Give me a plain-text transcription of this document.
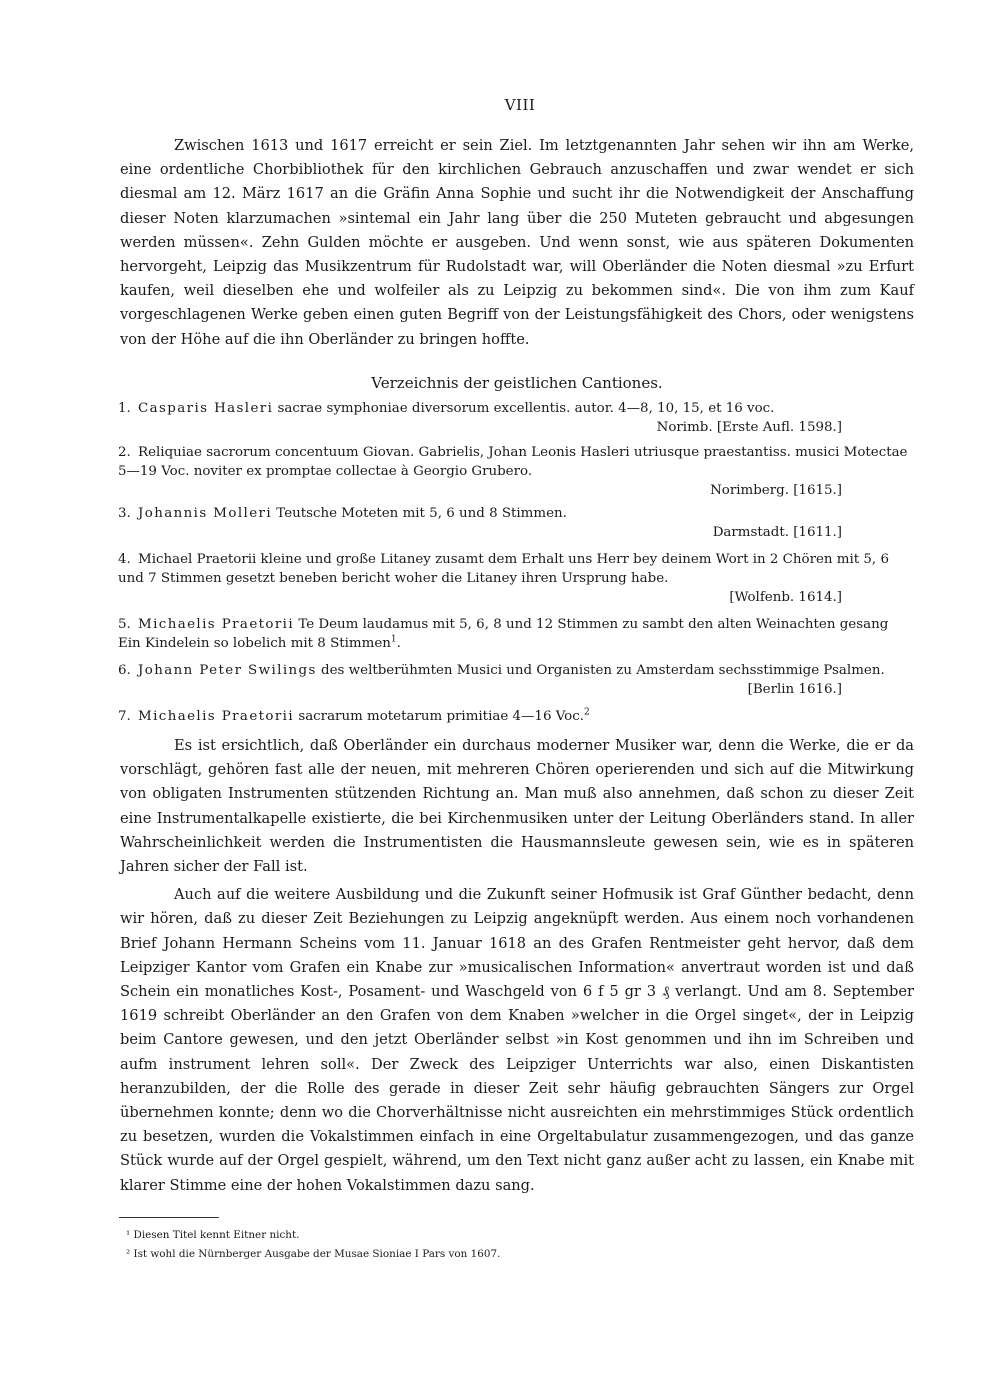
VIII

Zwischen 1613 und 1617 erreicht er sein Ziel. Im letztgenannten Jahr sehen wir ihn am Werke, eine ordentliche Chorbibliothek für den kirchlichen Gebrauch anzuschaffen und zwar wendet er sich diesmal am 12. März 1617 an die Gräfin Anna Sophie und sucht ihr die Notwendigkeit der Anschaffung dieser Noten klarzumachen »sintemal ein Jahr lang über die 250 Muteten gebraucht und abgesungen werden müssen«. Zehn Gulden möchte er ausgeben. Und wenn sonst, wie aus späteren Dokumenten hervorgeht, Leipzig das Musikzentrum für Rudolstadt war, will Oberländer die Noten diesmal »zu Erfurt kaufen, weil dieselben ehe und wolfeiler als zu Leipzig zu bekommen sind«. Die von ihm zum Kauf vorgeschlagenen Werke geben einen guten Begriff von der Leistungsfähigkeit des Chors, oder wenigstens von der Höhe auf die ihn Oberländer zu bringen hoffte.

Verzeichnis der geistlichen Cantiones.
1. Casparis Hasleri sacrae symphoniae diversorum excellentis. autor. 4—8, 10, 15, et 16 voc.
Norimb. [Erste Aufl. 1598.]
2. Reliquiae sacrorum concentuum Giovan. Gabrielis, Johan Leonis Hasleri utriusque praestantiss. musici Motectae 5—19 Voc. noviter ex promptae collectae à Georgio Grubero.
Norimberg. [1615.]
3. Johannis Molleri Teutsche Moteten mit 5, 6 und 8 Stimmen.
Darmstadt. [1611.]
4. Michael Praetorii kleine und große Litaney zusamt dem Erhalt uns Herr bey deinem Wort in 2 Chören mit 5, 6 und 7 Stimmen gesetzt beneben bericht woher die Litaney ihren Ursprung habe.
[Wolfenb. 1614.]
5. Michaelis Praetorii Te Deum laudamus mit 5, 6, 8 und 12 Stimmen zu sambt den alten Weinachten gesang Ein Kindelein so lobelich mit 8 Stimmen$^1$.
6. Johann Peter Swilings des weltberühmten Musici und Organisten zu Amsterdam sechsstimmige Psalmen.
[Berlin 1616.]
7. Michaelis Praetorii sacrarum motetarum primitiae 4—16 Voc.$^2$

Es ist ersichtlich, daß Oberländer ein durchaus moderner Musiker war, denn die Werke, die er da vorschlägt, gehören fast alle der neuen, mit mehreren Chören operierenden und sich auf die Mitwirkung von obligaten Instrumenten stützenden Richtung an. Man muß also annehmen, daß schon zu dieser Zeit eine Instrumentalkapelle existierte, die bei Kirchenmusiken unter der Leitung Oberländers stand. In aller Wahrscheinlichkeit werden die Instrumentisten die Hausmannsleute gewesen sein, wie es in späteren Jahren sicher der Fall ist.

Auch auf die weitere Ausbildung und die Zukunft seiner Hofmusik ist Graf Günther bedacht, denn wir hören, daß zu dieser Zeit Beziehungen zu Leipzig angeknüpft werden. Aus einem noch vorhandenen Brief Johann Hermann Scheins vom 11. Januar 1618 an des Grafen Rentmeister geht hervor, daß dem Leipziger Kantor vom Grafen ein Knabe zur »musicalischen Information« anvertraut worden ist und daß Schein ein monatliches Kost-, Posament- und Waschgeld von 6 f 5 gr 3 ₰ verlangt. Und am 8. September 1619 schreibt Oberländer an den Grafen von dem Knaben »welcher in die Orgel singet«, der in Leipzig beim Cantore gewesen, und den jetzt Oberländer selbst »in Kost genommen und ihn im Schreiben und aufm instrument lehren soll«. Der Zweck des Leipziger Unterrichts war also, einen Diskantisten heranzubilden, der die Rolle des gerade in dieser Zeit sehr häufig gebrauchten Sängers zur Orgel übernehmen konnte; denn wo die Chorverhältnisse nicht ausreichten ein mehrstimmiges Stück ordentlich zu besetzen, wurden die Vokalstimmen einfach in eine Orgeltabulatur zusammengezogen, und das ganze Stück wurde auf der Orgel gespielt, während, um den Text nicht ganz außer acht zu lassen, ein Knabe mit klarer Stimme eine der hohen Vokalstimmen dazu sang.

¹ Diesen Titel kennt Eitner nicht.
² Ist wohl die Nürnberger Ausgabe der Musae Sioniae I Pars von 1607.
